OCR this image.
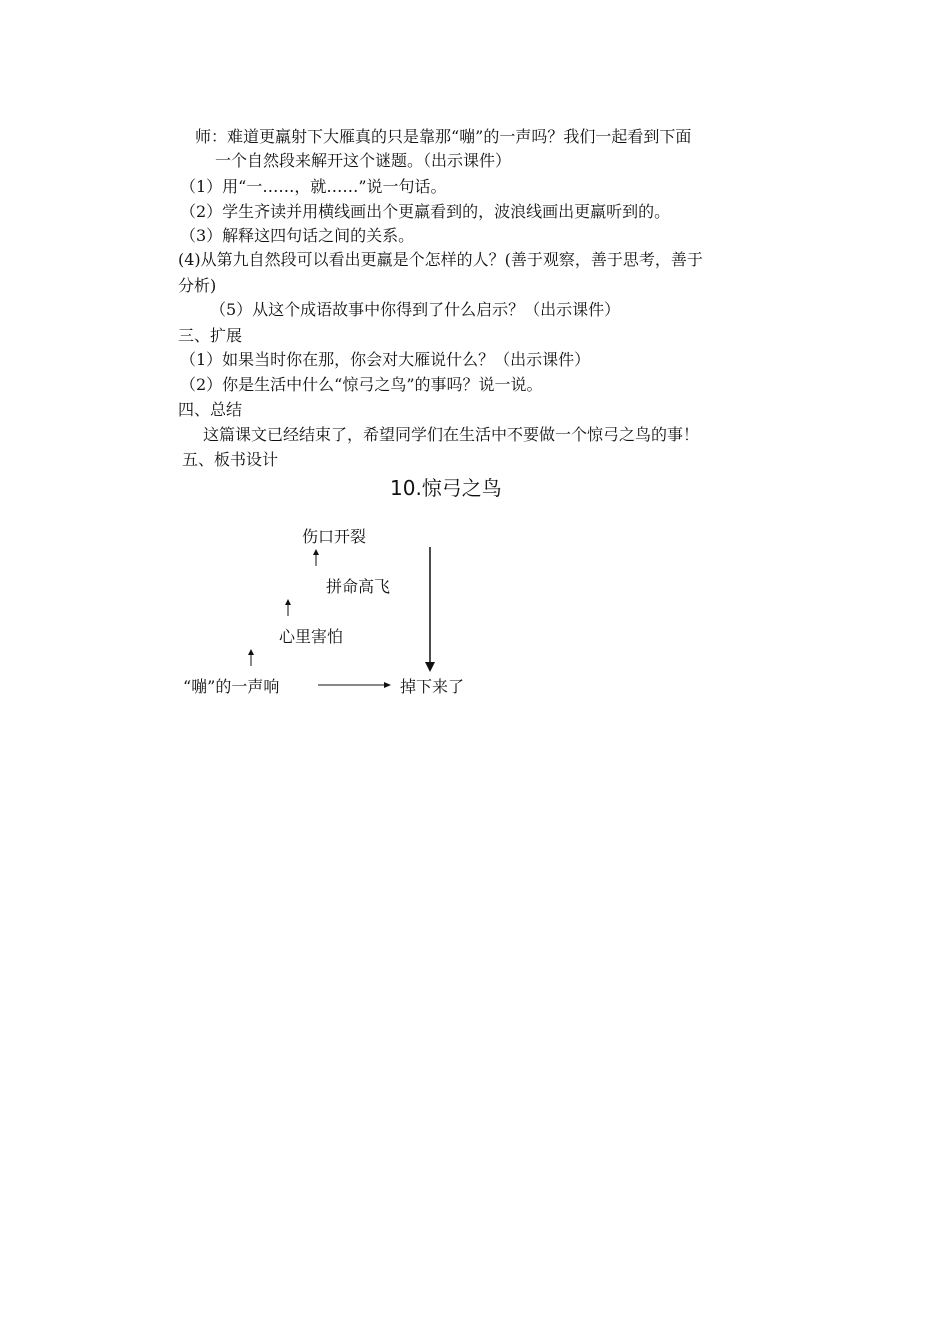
师：难道更羸射下大雁真的只是靠那“嘣”的一声吗？我们一起看到下面
一个自然段来解开这个谜题。（出示课件）
（1）用“一……，就……”说一句话。
（2）学生齐读并用横线画出个更羸看到的，波浪线画出更羸听到的。
（3）解释这四句话之间的关系。
(4)从第九自然段可以看出更羸是个怎样的人？(善于观察，善于思考，善于
分析)
（5）从这个成语故事中你得到了什么启示？（出示课件）
三、扩展
（1）如果当时你在那，你会对大雁说什么？（出示课件）
（2）你是生活中什么“惊弓之鸟”的事吗？说一说。
四、总结
这篇课文已经结束了，希望同学们在生活中不要做一个惊弓之鸟的事！
五、板书设计
10.惊弓之鸟
伤口开裂
拼命高飞
心里害怕
“嘣”的一声响	掉下来了
